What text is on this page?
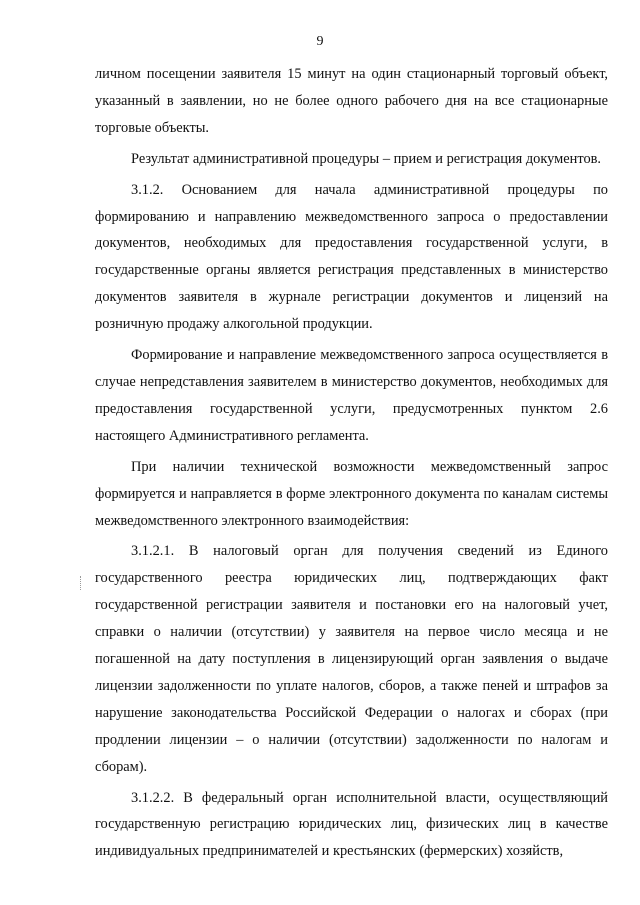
9

личном посещении заявителя 15 минут на один стационарный торговый объект, указанный в заявлении, но не более одного рабочего дня на все стационарные торговые объекты.

Результат административной процедуры – прием и регистрация документов.

3.1.2. Основанием для начала административной процедуры по формированию и направлению межведомственного запроса о предоставлении документов, необходимых для предоставления государственной услуги, в государственные органы является регистрация представленных в министерство документов заявителя в журнале регистрации документов и лицензий на розничную продажу алкогольной продукции.

Формирование и направление межведомственного запроса осуществляется в случае непредставления заявителем в министерство документов, необходимых для предоставления государственной услуги, предусмотренных пунктом 2.6 настоящего Административного регламента.

При наличии технической возможности межведомственный запрос формируется и направляется в форме электронного документа по каналам системы межведомственного электронного взаимодействия:

3.1.2.1. В налоговый орган для получения сведений из Единого государственного реестра юридических лиц, подтверждающих факт государственной регистрации заявителя и постановки его на налоговый учет, справки о наличии (отсутствии) у заявителя на первое число месяца и не погашенной на дату поступления в лицензирующий орган заявления о выдаче лицензии задолженности по уплате налогов, сборов, а также пеней и штрафов за нарушение законодательства Российской Федерации о налогах и сборах (при продлении лицензии – о наличии (отсутствии) задолженности по налогам и сборам).

3.1.2.2. В федеральный орган исполнительной власти, осуществляющий государственную регистрацию юридических лиц, физических лиц в качестве индивидуальных предпринимателей и крестьянских (фермерских) хозяйств,
